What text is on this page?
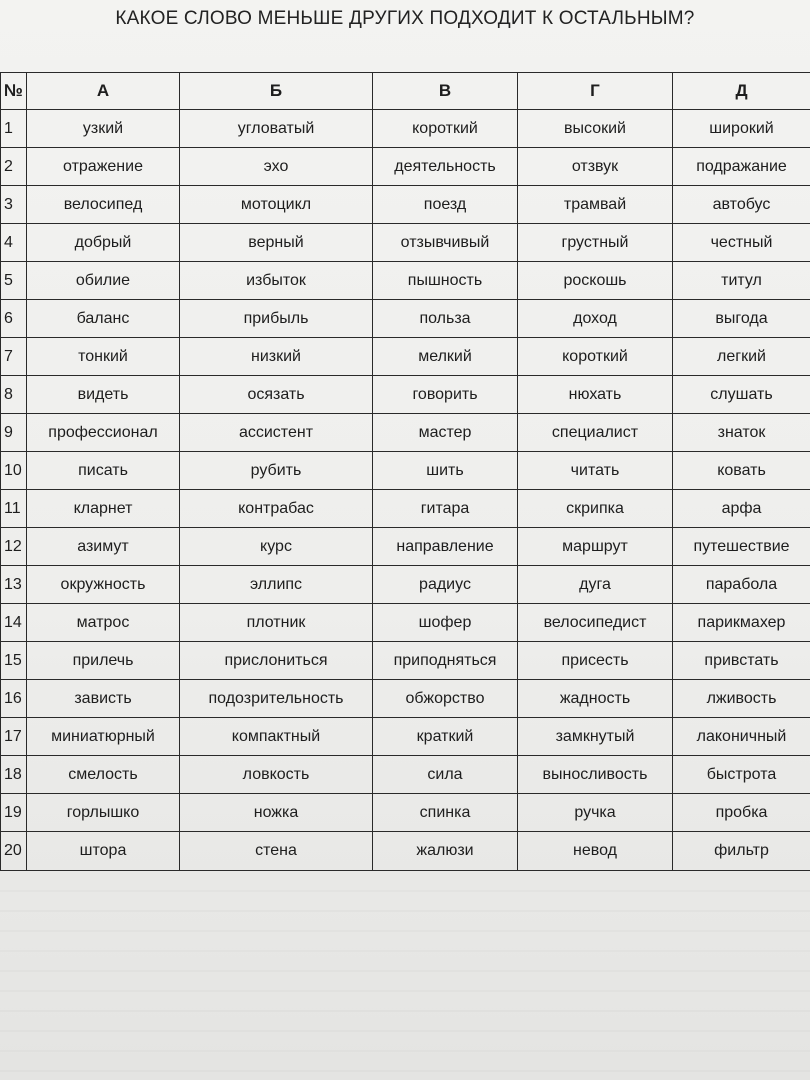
КАКОЕ СЛОВО МЕНЬШЕ ДРУГИХ ПОДХОДИТ К ОСТАЛЬНЫМ?
№	А	Б	В	Г	Д
1	узкий	угловатый	короткий	высокий	широкий
2	отражение	эхо	деятельность	отзвук	подражание
3	велосипед	мотоцикл	поезд	трамвай	автобус
4	добрый	верный	отзывчивый	грустный	честный
5	обилие	избыток	пышность	роскошь	титул
6	баланс	прибыль	польза	доход	выгода
7	тонкий	низкий	мелкий	короткий	легкий
8	видеть	осязать	говорить	нюхать	слушать
9	профессионал	ассистент	мастер	специалист	знаток
10	писать	рубить	шить	читать	ковать
11	кларнет	контрабас	гитара	скрипка	арфа
12	азимут	курс	направление	маршрут	путешествие
13	окружность	эллипс	радиус	дуга	парабола
14	матрос	плотник	шофер	велосипедист	парикмахер
15	прилечь	прислониться	приподняться	присесть	привстать
16	зависть	подозрительность	обжорство	жадность	лживость
17	миниатюрный	компактный	краткий	замкнутый	лаконичный
18	смелость	ловкость	сила	выносливость	быстрота
19	горлышко	ножка	спинка	ручка	пробка
20	штора	стена	жалюзи	невод	фильтр
